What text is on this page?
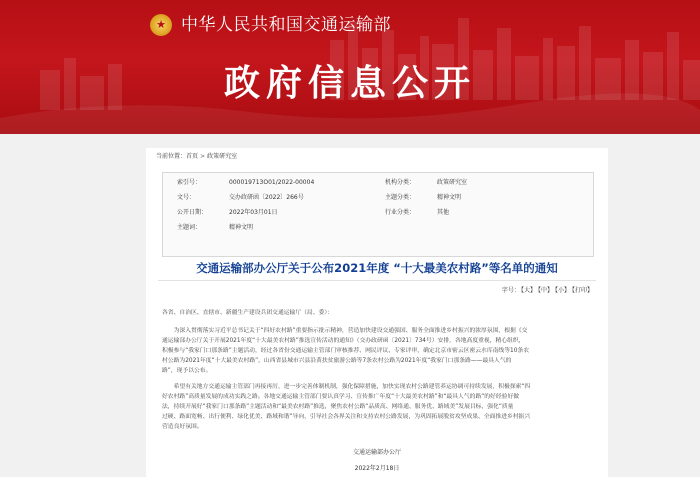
★ 中华人民共和国交通运输部
政府信息公开
当前位置：首页 > 政策研究室
索引号：	000019713O01/2022-00004	机构分类：	政策研究室
文号：	交办政研函〔2022〕266号	主题分类：	精神文明
公开日期：	2022年03月01日	行业分类：	其他
主题词：	精神文明
交通运输部办公厅关于公布2021年度 “十大最美农村路”等名单的通知
字号：【大】 【中】 【小】 【打印】

各省、自治区、直辖市、新疆生产建设兵团交通运输厅（局、委）：

为深入贯彻落实习近平总书记关于“四好农村路”重要指示批示精神，营造加快建设交通强国、服务全面推进乡村振兴的浓厚氛围，根据《交

通运输部办公厅关于开展2021年度“十大最美农村路”推选宣传活动的通知》（交办政研函〔2021〕734号）安排，各地高度重视，精心组织，

积极参与“我家门口那条路”主题活动，经过各省份交通运输主管部门审核推荐、网民评议、专家评审，确定北京市密云区密云水库南线等10条农

村公路为2021年度“十大最美农村路”，山西省县城市兴县沿黄扶贫旅游公路等7条农村公路为2021年度“我家门口那条路——最具人气的

路”，现予以公布。

希望有关地方交通运输主管部门再接再厉，进一步完善体制机制，强化保障措施，加快实现农村公路建管养运协调可持续发展，积极探索“四

好农村路”高质量发展的成功实践之路。各地交通运输主管部门要认真学习、宣传推广年度“十大最美农村路”和“最具人气的路”的好经验好做

法，持续开展好“我家门口那条路”主题活动和“最美农村路”推选，聚焦农村公路“品质高、网络通、服务优、路域美”发展目标，强化“质量

过硬、路面宽畅、出行便利、绿化优美、路域和谐”导向，引导社会各界关注和支持农村公路发展，为巩固拓展脱贫攻坚成果、全面推进乡村振兴

营造良好氛围。

交通运输部办公厅
2022年2月18日
